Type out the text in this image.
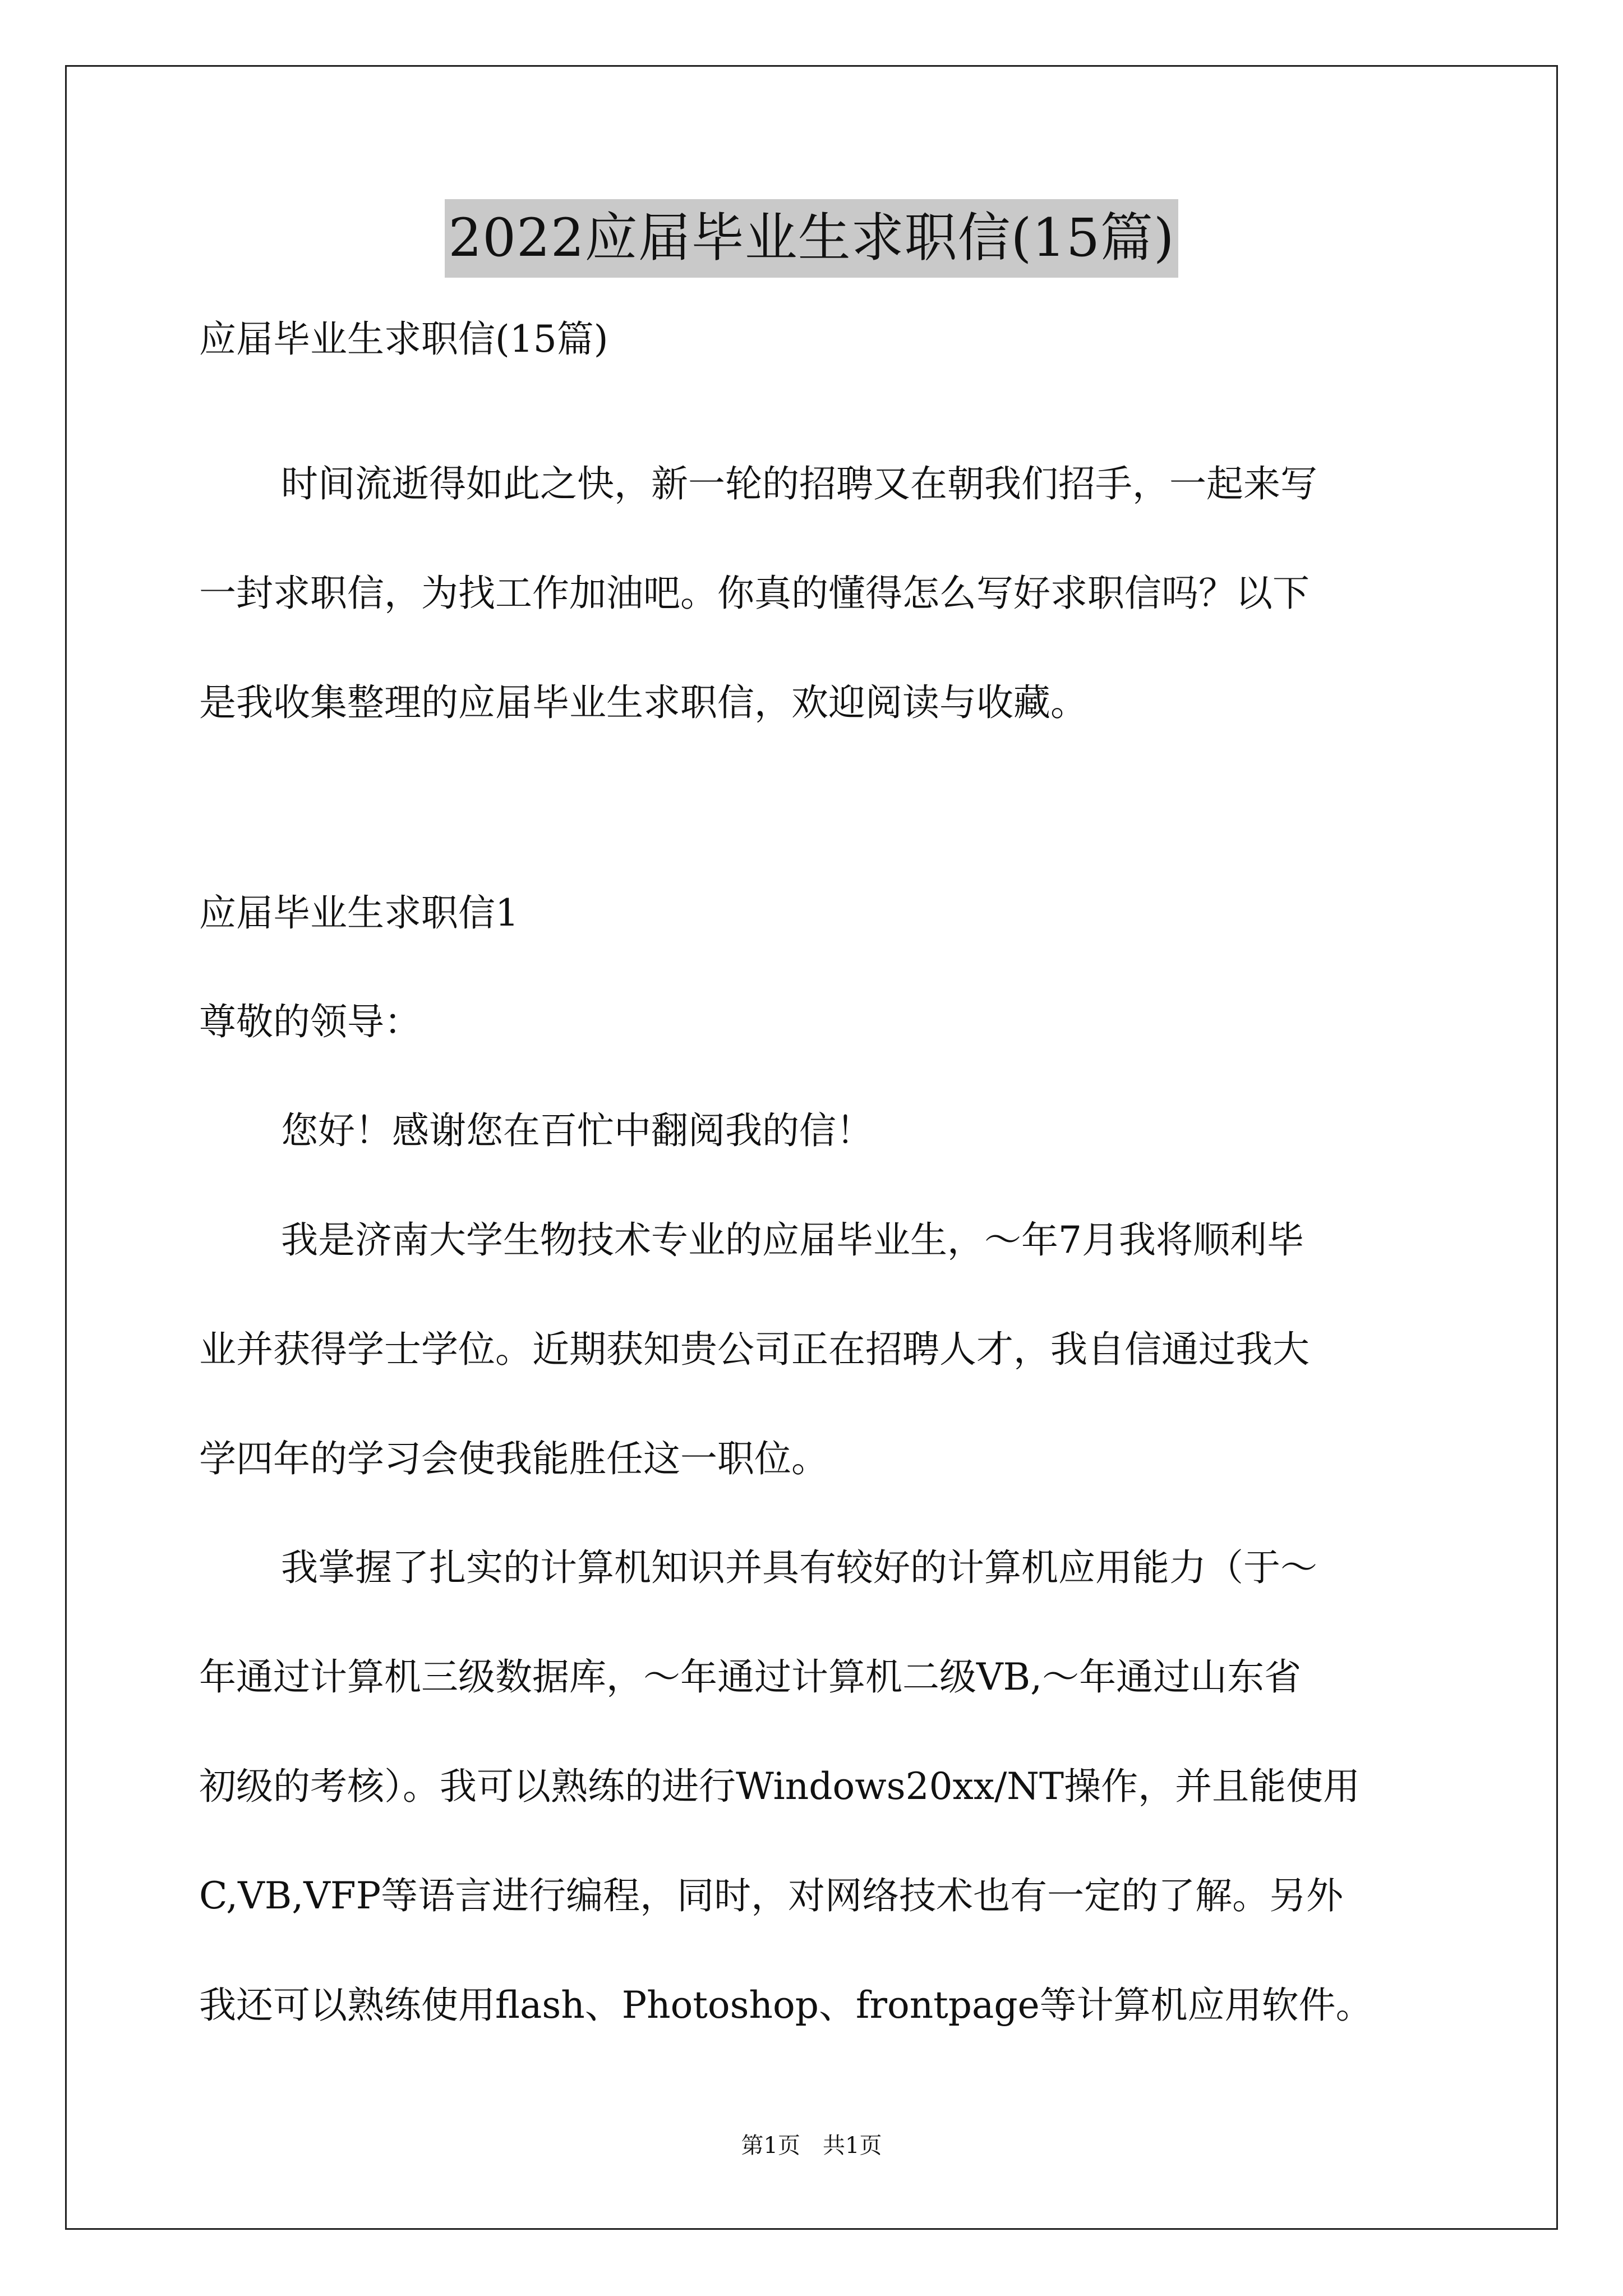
2022应届毕业生求职信(15篇)
应届毕业生求职信(15篇)
时间流逝得如此之快，新一轮的招聘又在朝我们招手，一起来写
一封求职信，为找工作加油吧。你真的懂得怎么写好求职信吗？以下
是我收集整理的应届毕业生求职信，欢迎阅读与收藏。
应届毕业生求职信1
尊敬的领导：
您好！感谢您在百忙中翻阅我的信！
我是济南大学生物技术专业的应届毕业生，～年7月我将顺利毕
业并获得学士学位。近期获知贵公司正在招聘人才，我自信通过我大
学四年的学习会使我能胜任这一职位。
我掌握了扎实的计算机知识并具有较好的计算机应用能力（于～
年通过计算机三级数据库，～年通过计算机二级VB,～年通过山东省
初级的考核）。我可以熟练的进行Windows20xx/NT操作，并且能使用
C,VB,VFP等语言进行编程，同时，对网络技术也有一定的了解。另外
我还可以熟练使用flash、Photoshop、frontpage等计算机应用软件。
第1页　共1页
